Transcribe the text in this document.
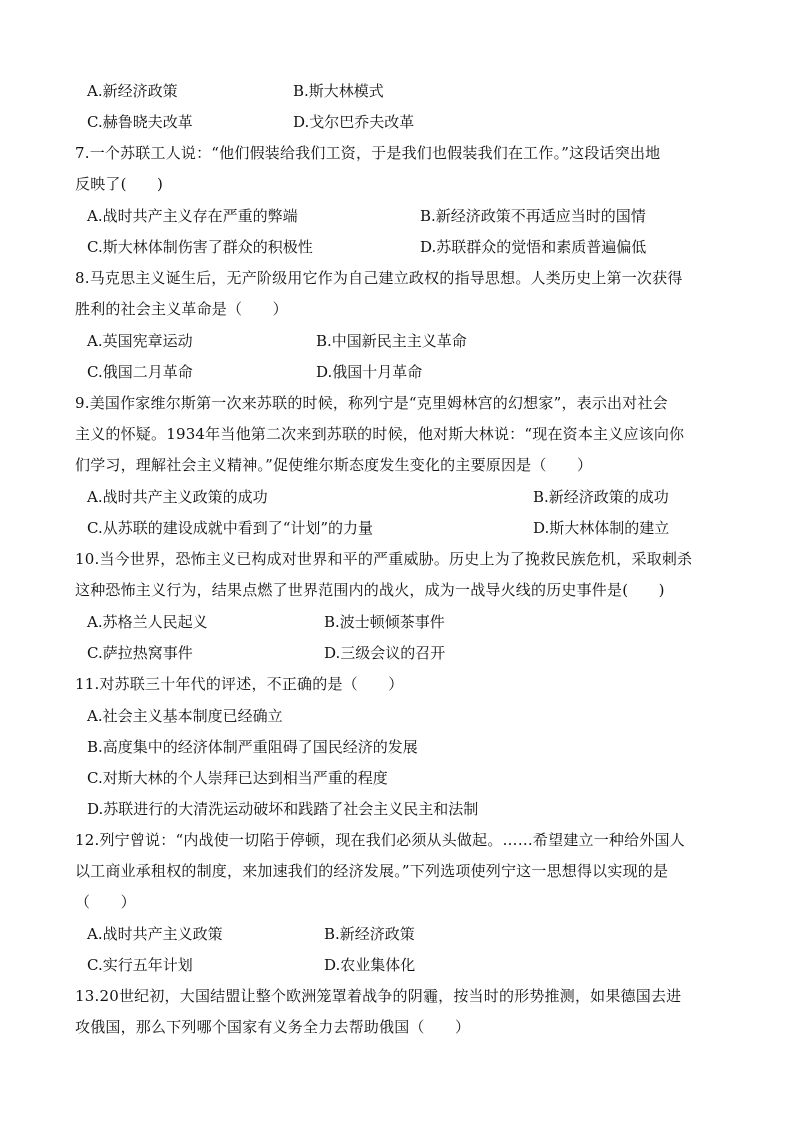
A.新经济政策	B.斯大林模式
C.赫鲁晓夫改革	D.戈尔巴乔夫改革
7.一个苏联工人说：“他们假装给我们工资，于是我们也假装我们在工作。”这段话突出地
反映了(　　)
A.战时共产主义存在严重的弊端	B.新经济政策不再适应当时的国情
C.斯大林体制伤害了群众的积极性	D.苏联群众的觉悟和素质普遍偏低
8.马克思主义诞生后，无产阶级用它作为自己建立政权的指导思想。人类历史上第一次获得
胜利的社会主义革命是（　　）
A.英国宪章运动	B.中国新民主主义革命
C.俄国二月革命	D.俄国十月革命
9.美国作家维尔斯第一次来苏联的时候，称列宁是“克里姆林宫的幻想家”，表示出对社会
主义的怀疑。1934年当他第二次来到苏联的时候，他对斯大林说：“现在资本主义应该向你
们学习，理解社会主义精神。”促使维尔斯态度发生变化的主要原因是（　　）
A.战时共产主义政策的成功	B.新经济政策的成功
C.从苏联的建设成就中看到了“计划”的力量	D.斯大林体制的建立
10.当今世界，恐怖主义已构成对世界和平的严重威胁。历史上为了挽救民族危机，采取刺杀
这种恐怖主义行为，结果点燃了世界范围内的战火，成为一战导火线的历史事件是(　　)
A.苏格兰人民起义	B.波士顿倾茶事件
C.萨拉热窝事件	D.三级会议的召开
11.对苏联三十年代的评述，不正确的是（　　）
A.社会主义基本制度已经确立
B.高度集中的经济体制严重阻碍了国民经济的发展
C.对斯大林的个人崇拜已达到相当严重的程度
D.苏联进行的大清洗运动破坏和践踏了社会主义民主和法制
12.列宁曾说：“内战使一切陷于停顿，现在我们必须从头做起。……希望建立一种给外国人
以工商业承租权的制度，来加速我们的经济发展。”下列选项使列宁这一思想得以实现的是
（　　）
A.战时共产主义政策	B.新经济政策
C.实行五年计划	D.农业集体化
13.20世纪初，大国结盟让整个欧洲笼罩着战争的阴霾，按当时的形势推测，如果德国去进
攻俄国，那么下列哪个国家有义务全力去帮助俄国（　　）
